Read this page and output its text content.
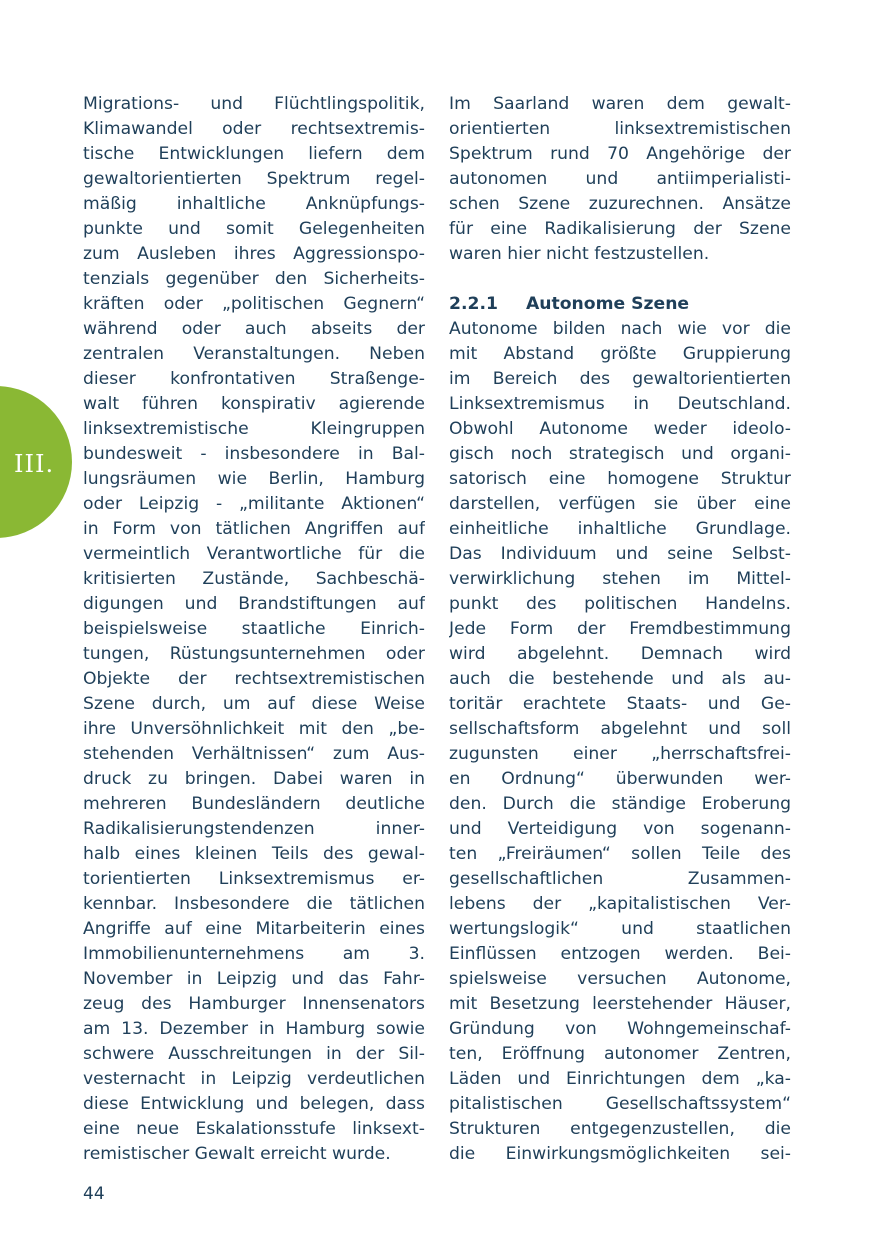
III.
Migrations- und Flüchtlingspolitik,
Klimawandel oder rechtsextremis-
tische Entwicklungen liefern dem
gewaltorientierten Spektrum regel-
mäßig inhaltliche Anknüpfungs-
punkte und somit Gelegenheiten
zum Ausleben ihres Aggressionspo-
tenzials gegenüber den Sicherheits-
kräften oder „politischen Gegnern“
während oder auch abseits der
zentralen Veranstaltungen. Neben
dieser konfrontativen Straßenge-
walt führen konspirativ agierende
linksextremistische Kleingruppen
bundesweit - insbesondere in Bal-
lungsräumen wie Berlin, Hamburg
oder Leipzig - „militante Aktionen“
in Form von tätlichen Angriffen auf
vermeintlich Verantwortliche für die
kritisierten Zustände, Sachbeschä-
digungen und Brandstiftungen auf
beispielsweise staatliche Einrich-
tungen, Rüstungsunternehmen oder
Objekte der rechtsextremistischen
Szene durch, um auf diese Weise
ihre Unversöhnlichkeit mit den „be-
stehenden Verhältnissen“ zum Aus-
druck zu bringen. Dabei waren in
mehreren Bundesländern deutliche
Radikalisierungstendenzen inner-
halb eines kleinen Teils des gewal-
torientierten Linksextremismus er-
kennbar. Insbesondere die tätlichen
Angriffe auf eine Mitarbeiterin eines
Immobilienunternehmens am 3.
November in Leipzig und das Fahr-
zeug des Hamburger Innensenators
am 13. Dezember in Hamburg sowie
schwere Ausschreitungen in der Sil-
vesternacht in Leipzig verdeutlichen
diese Entwicklung und belegen, dass
eine neue Eskalationsstufe linksext-
remistischer Gewalt erreicht wurde.
Im Saarland waren dem gewalt-
orientierten linksextremistischen
Spektrum rund 70 Angehörige der
autonomen und antiimperialisti-
schen Szene zuzurechnen. Ansätze
für eine Radikalisierung der Szene
waren hier nicht festzustellen.
2.2.1 Autonome Szene
Autonome bilden nach wie vor die
mit Abstand größte Gruppierung
im Bereich des gewaltorientierten
Linksextremismus in Deutschland.
Obwohl Autonome weder ideolo-
gisch noch strategisch und organi-
satorisch eine homogene Struktur
darstellen, verfügen sie über eine
einheitliche inhaltliche Grundlage.
Das Individuum und seine Selbst-
verwirklichung stehen im Mittel-
punkt des politischen Handelns.
Jede Form der Fremdbestimmung
wird abgelehnt. Demnach wird
auch die bestehende und als au-
toritär erachtete Staats- und Ge-
sellschaftsform abgelehnt und soll
zugunsten einer „herrschaftsfrei-
en Ordnung“ überwunden wer-
den. Durch die ständige Eroberung
und Verteidigung von sogenann-
ten „Freiräumen“ sollen Teile des
gesellschaftlichen Zusammen-
lebens der „kapitalistischen Ver-
wertungslogik“ und staatlichen
Einflüssen entzogen werden. Bei-
spielsweise versuchen Autonome,
mit Besetzung leerstehender Häuser,
Gründung von Wohngemeinschaf-
ten, Eröffnung autonomer Zentren,
Läden und Einrichtungen dem „ka-
pitalistischen Gesellschaftssystem“
Strukturen entgegenzustellen, die
die Einwirkungsmöglichkeiten sei-
44
